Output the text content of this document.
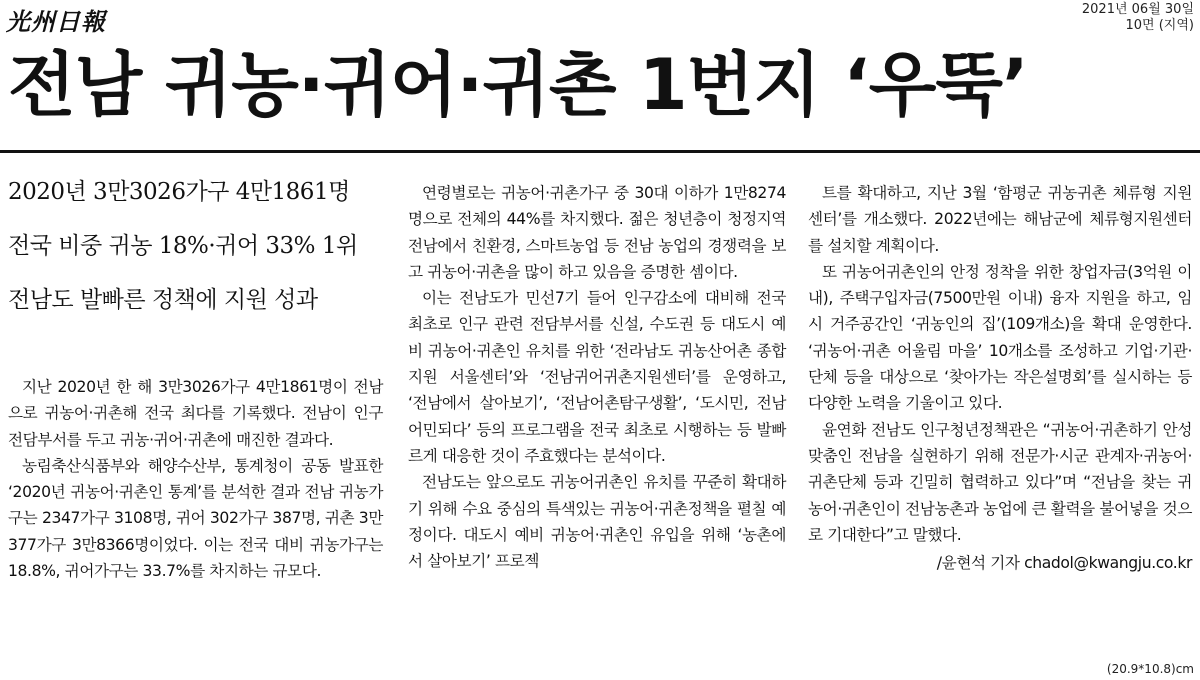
光州日報	2021년 06월 30일
10면 (지역)
전남 귀농·귀어·귀촌 1번지 ‘우뚝’
2020년 3만3026가구 4만1861명
전국 비중 귀농 18%·귀어 33% 1위
전남도 발빠른 정책에 지원 성과

지난 2020년 한 해 3만3026가구 4만1861명이 전남으로 귀농어·귀촌해 전국 최다를 기록했다. 전남이 인구 전담부서를 두고 귀농·귀어·귀촌에 매진한 결과다.

농림축산식품부와 해양수산부, 통계청이 공동 발표한 ‘2020년 귀농어·귀촌인 통계’를 분석한 결과 전남 귀농가구는 2347가구 3108명, 귀어 302가구 387명, 귀촌 3만377가구 3만8366명이었다. 이는 전국 대비 귀농가구는 18.8%, 귀어가구는 33.7%를 차지하는 규모다.

연령별로는 귀농어·귀촌가구 중 30대 이하가 1만8274명으로 전체의 44%를 차지했다. 젊은 청년층이 청정지역 전남에서 친환경, 스마트농업 등 전남 농업의 경쟁력을 보고 귀농어·귀촌을 많이 하고 있음을 증명한 셈이다.

이는 전남도가 민선7기 들어 인구감소에 대비해 전국 최초로 인구 관련 전담부서를 신설, 수도권 등 대도시 예비 귀농어·귀촌인 유치를 위한 ‘전라남도 귀농산어촌 종합지원 서울센터’와 ‘전남귀어귀촌지원센터’를 운영하고, ‘전남에서 살아보기’, ‘전남어촌탐구생활’, ‘도시민, 전남 어민되다’ 등의 프로그램을 전국 최초로 시행하는 등 발빠르게 대응한 것이 주효했다는 분석이다.

전남도는 앞으로도 귀농어귀촌인 유치를 꾸준히 확대하기 위해 수요 중심의 특색있는 귀농어·귀촌정책을 펼칠 예정이다. 대도시 예비 귀농어·귀촌인 유입을 위해 ‘농촌에서 살아보기’ 프로젝

트를 확대하고, 지난 3월 ‘함평군 귀농귀촌 체류형 지원센터’를 개소했다. 2022년에는 해남군에 체류형지원센터를 설치할 계획이다.

또 귀농어귀촌인의 안정 정착을 위한 창업자금(3억원 이내), 주택구입자금(7500만원 이내) 융자 지원을 하고, 임시 거주공간인 ‘귀농인의 집’(109개소)을 확대 운영한다. ‘귀농어·귀촌 어울림 마을’ 10개소를 조성하고 기업·기관·단체 등을 대상으로 ‘찾아가는 작은설명회’를 실시하는 등 다양한 노력을 기울이고 있다.

윤연화 전남도 인구청년정책관은 “귀농어·귀촌하기 안성맞춤인 전남을 실현하기 위해 전문가·시군 관계자·귀농어·귀촌단체 등과 긴밀히 협력하고 있다”며 “전남을 찾는 귀농어·귀촌인이 전남농촌과 농업에 큰 활력을 불어넣을 것으로 기대한다”고 말했다.

/윤현석 기자 chadol@kwangju.co.kr

(20.9*10.8)cm
